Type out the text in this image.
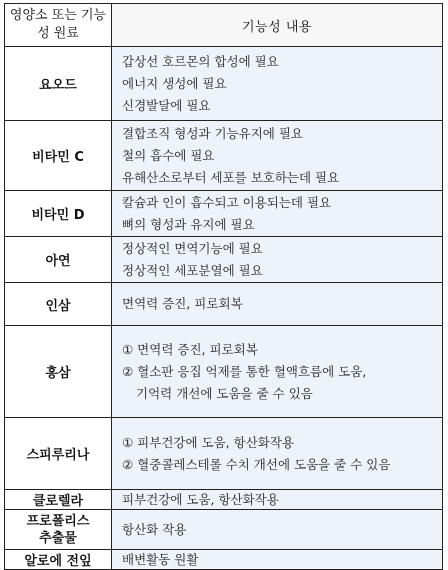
영양소 또는 기능성 원료	기능성 내용
요오드	갑상선 호르몬의 합성에 필요
에너지 생성에 필요
신경발달에 필요

비타민 C	결합조직 형성과 기능유지에 필요
철의 흡수에 필요
유해산소로부터 세포를 보호하는데 필요

비타민 D	칼슘과 인이 흡수되고 이용되는데 필요
뼈의 형성과 유지에 필요

아연	정상적인 면역기능에 필요
정상적인 세포분열에 필요

인삼	면역력 증진, 피로회복

홍삼	① 면역력 증진, 피로회복
② 혈소판 응집 억제를 통한 혈액흐름에 도움,
기억력 개선에 도움을 줄 수 있음

스피루리나	① 피부건강에 도움, 항산화작용
② 혈중콜레스테롤 수치 개선에 도움을 줄 수 있음

클로렐라	피부건강에 도움, 항산화작용

프로폴리스
추출물	항산화 작용

알로에 전잎	배변활동 원활
